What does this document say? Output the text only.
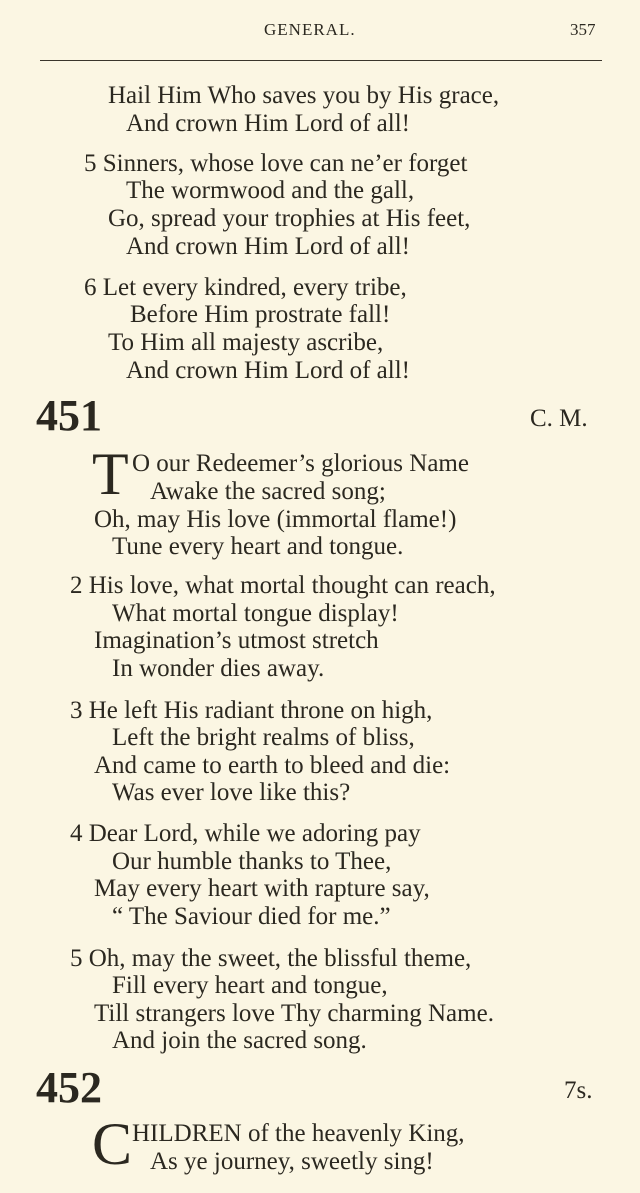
GENERAL.	357
Hail Him Who saves you by His grace,
And crown Him Lord of all!
5 Sinners, whose love can ne’er forget
The wormwood and the gall,
Go, spread your trophies at His feet,
And crown Him Lord of all!
6 Let every kindred, every tribe,
Before Him prostrate fall!
To Him all majesty ascribe,
And crown Him Lord of all!
451	C. M.
T O our Redeemer’s glorious Name
Awake the sacred song;
Oh, may His love (immortal flame!)
Tune every heart and tongue.
2 His love, what mortal thought can reach,
What mortal tongue display!
Imagination’s utmost stretch
In wonder dies away.
3 He left His radiant throne on high,
Left the bright realms of bliss,
And came to earth to bleed and die:
Was ever love like this?
4 Dear Lord, while we adoring pay
Our humble thanks to Thee,
May every heart with rapture say,
“ The Saviour died for me.”
5 Oh, may the sweet, the blissful theme,
Fill every heart and tongue,
Till strangers love Thy charming Name.
And join the sacred song.
452	7s.
C HILDREN of the heavenly King,
As ye journey, sweetly sing!
